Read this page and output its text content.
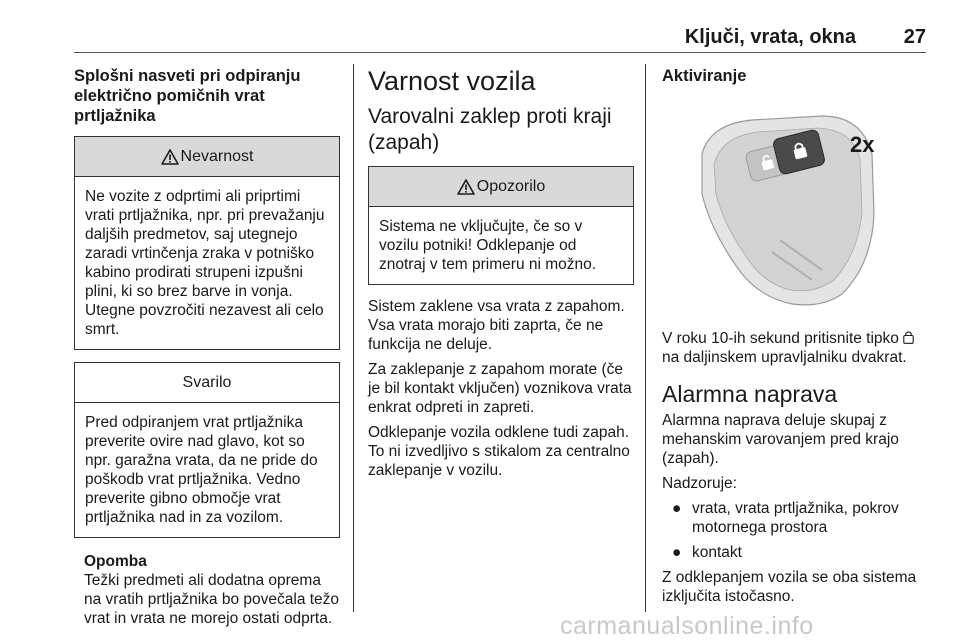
Ključi, vrata, okna 27
Splošni nasveti pri odpiranju električno pomičnih vrat prtljažnika
Nevarnost
Ne vozite z odprtimi ali priprtimi vrati prtljažnika, npr. pri prevažanju daljših predmetov, saj utegnejo zaradi vrtinčenja zraka v potniško kabino prodirati strupeni izpušni plini, ki so brez barve in vonja. Utegne povzročiti nezavest ali celo smrt.
Svarilo
Pred odpiranjem vrat prtljažnika preverite ovire nad glavo, kot so npr. garažna vrata, da ne pride do poškodb vrat prtljažnika. Vedno preverite gibno območje vrat prtljažnika nad in za vozilom.
Opomba
Težki predmeti ali dodatna oprema na vratih prtljažnika bo povečala težo vrat in vrata ne morejo ostati odprta.
Varnost vozila
Varovalni zaklep proti kraji (zapah)
Opozorilo
Sistema ne vključujte, če so v vozilu potniki! Odklepanje od znotraj v tem primeru ni možno.

Sistem zaklene vsa vrata z zapahom. Vsa vrata morajo biti zaprta, če ne funkcija ne deluje.

Za zaklepanje z zapahom morate (če je bil kontakt vključen) voznikova vrata enkrat odpreti in zapreti.

Odklepanje vozila odklene tudi zapah. To ni izvedljivo s stikalom za centralno zaklepanje v vozilu.

Aktiviranje
2x

V roku 10-ih sekund pritisnite tipko  na daljinskem upravljalniku dvakrat.

Alarmna naprava

Alarmna naprava deluje skupaj z mehanskim varovanjem pred krajo (zapah).

Nadzoruje:

● vrata, vrata prtljažnika, pokrov motornega prostora
● kontakt

Z odklepanjem vozila se oba sistema izključita istočasno.

carmanualsonline.info
